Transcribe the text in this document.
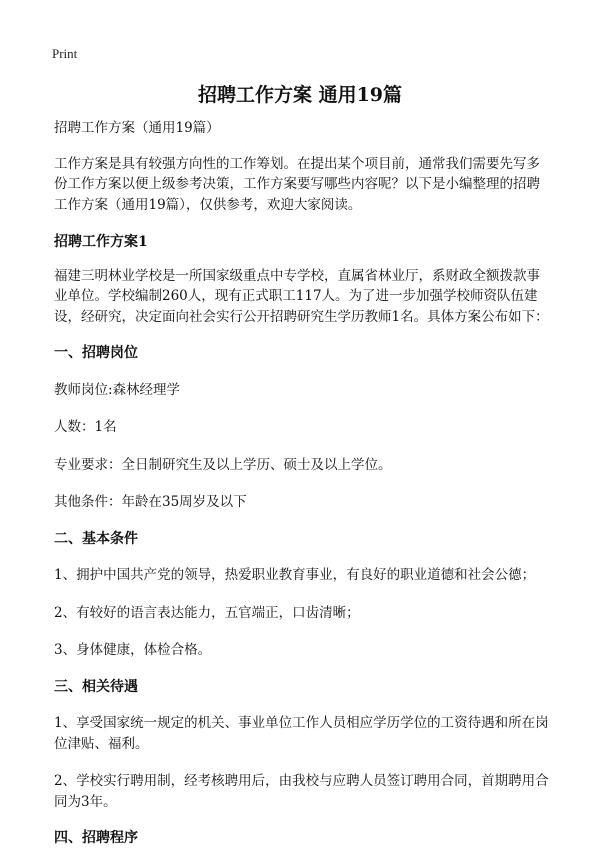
Print
招聘工作方案 通用19篇

招聘工作方案（通用19篇）

工作方案是具有较强方向性的工作筹划。在提出某个项目前，通常我们需要先写多份工作方案以便上级参考决策，工作方案要写哪些内容呢？以下是小编整理的招聘工作方案（通用19篇），仅供参考，欢迎大家阅读。

招聘工作方案1

福建三明林业学校是一所国家级重点中专学校，直属省林业厅，系财政全额拨款事业单位。学校编制260人，现有正式职工117人。为了进一步加强学校师资队伍建设，经研究，决定面向社会实行公开招聘研究生学历教师1名。具体方案公布如下：

一、招聘岗位

教师岗位:森林经理学

人数：1名

专业要求：全日制研究生及以上学历、硕士及以上学位。

其他条件：年龄在35周岁及以下

二、基本条件

1、拥护中国共产党的领导，热爱职业教育事业，有良好的职业道德和社会公德；

2、有较好的语言表达能力，五官端正，口齿清晰；

3、身体健康，体检合格。

三、相关待遇

1、享受国家统一规定的机关、事业单位工作人员相应学历学位的工资待遇和所在岗位津贴、福利。

2、学校实行聘用制，经考核聘用后，由我校与应聘人员签订聘用合同，首期聘用合同为3年。

四、招聘程序
